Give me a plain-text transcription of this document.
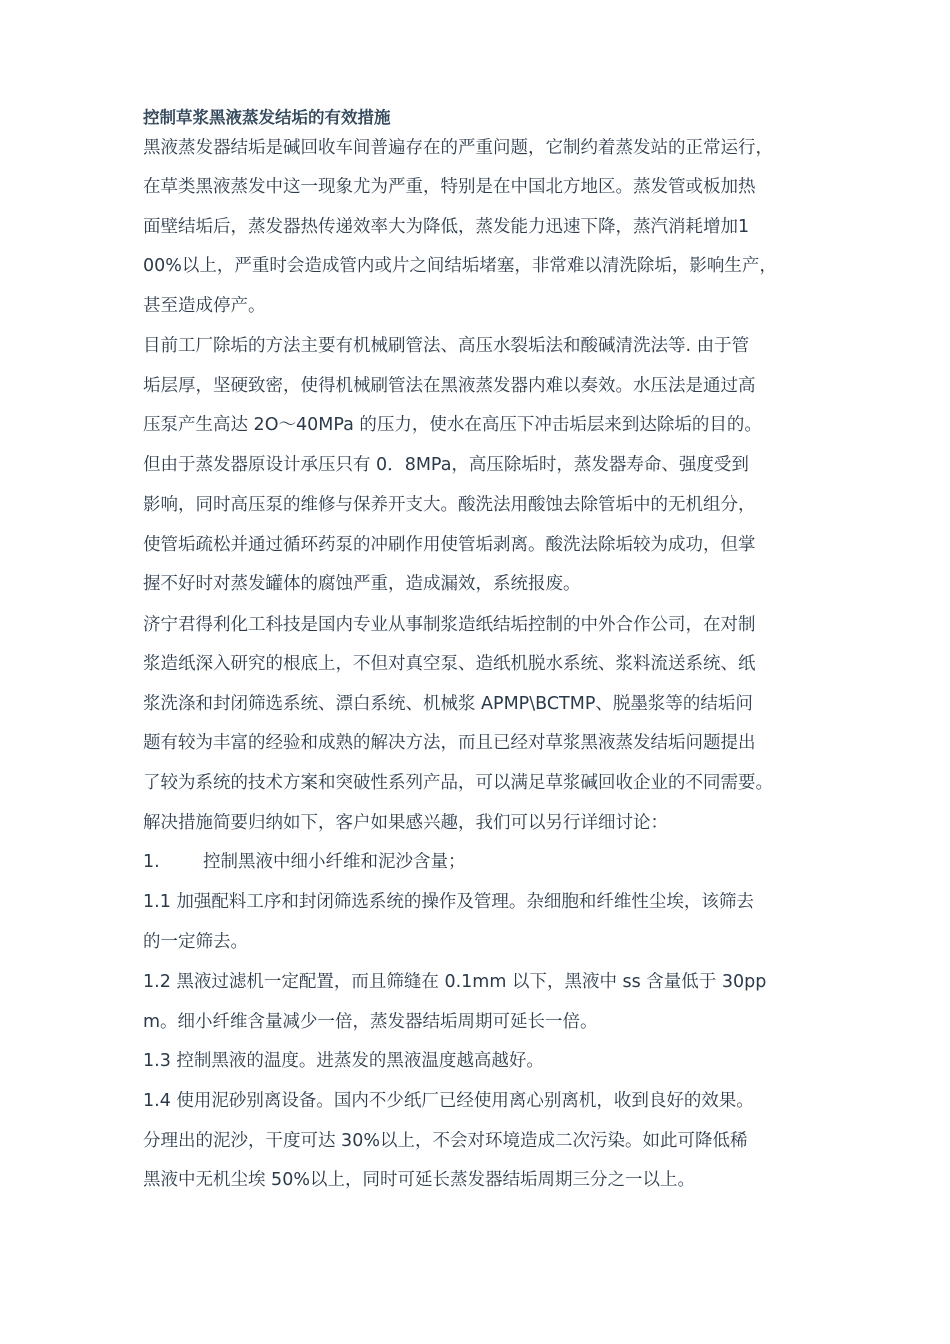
控制草浆黑液蒸发结垢的有效措施
黑液蒸发器结垢是碱回收车间普遍存在的严重问题，它制约着蒸发站的正常运行，
在草类黑液蒸发中这一现象尤为严重，特别是在中国北方地区。蒸发管或板加热
面壁结垢后，蒸发器热传递效率大为降低，蒸发能力迅速下降，蒸汽消耗增加1
00%以上，严重时会造成管内或片之间结垢堵塞，非常难以清洗除垢，影响生产，
甚至造成停产。
目前工厂除垢的方法主要有机械刷管法、高压水裂垢法和酸碱清洗法等. 由于管
垢层厚，坚硬致密，使得机械刷管法在黑液蒸发器内难以奏效。水压法是通过高
压泵产生高达 2O～40MPa 的压力，使水在高压下冲击垢层来到达除垢的目的。
但由于蒸发器原设计承压只有 0．8MPa，高压除垢时，蒸发器寿命、强度受到
影响，同时高压泵的维修与保养开支大。酸洗法用酸蚀去除管垢中的无机组分，
使管垢疏松并通过循环药泵的冲刷作用使管垢剥离。酸洗法除垢较为成功，但掌
握不好时对蒸发罐体的腐蚀严重，造成漏效，系统报废。
济宁君得利化工科技是国内专业从事制浆造纸结垢控制的中外合作公司，在对制
浆造纸深入研究的根底上，不但对真空泵、造纸机脱水系统、浆料流送系统、纸
浆洗涤和封闭筛选系统、漂白系统、机械浆 APMP\BCTMP、脱墨浆等的结垢问
题有较为丰富的经验和成熟的解决方法，而且已经对草浆黑液蒸发结垢问题提出
了较为系统的技术方案和突破性系列产品，可以满足草浆碱回收企业的不同需要。
解决措施简要归纳如下，客户如果感兴趣，我们可以另行详细讨论：
1. 控制黑液中细小纤维和泥沙含量；
1.1 加强配料工序和封闭筛选系统的操作及管理。杂细胞和纤维性尘埃，该筛去
的一定筛去。
1.2 黑液过滤机一定配置，而且筛缝在 0.1mm 以下，黑液中 ss 含量低于 30pp
m。细小纤维含量减少一倍，蒸发器结垢周期可延长一倍。
1.3 控制黑液的温度。进蒸发的黑液温度越高越好。
1.4 使用泥砂别离设备。国内不少纸厂已经使用离心别离机，收到良好的效果。
分理出的泥沙，干度可达 30%以上，不会对环境造成二次污染。如此可降低稀
黑液中无机尘埃 50%以上，同时可延长蒸发器结垢周期三分之一以上。
